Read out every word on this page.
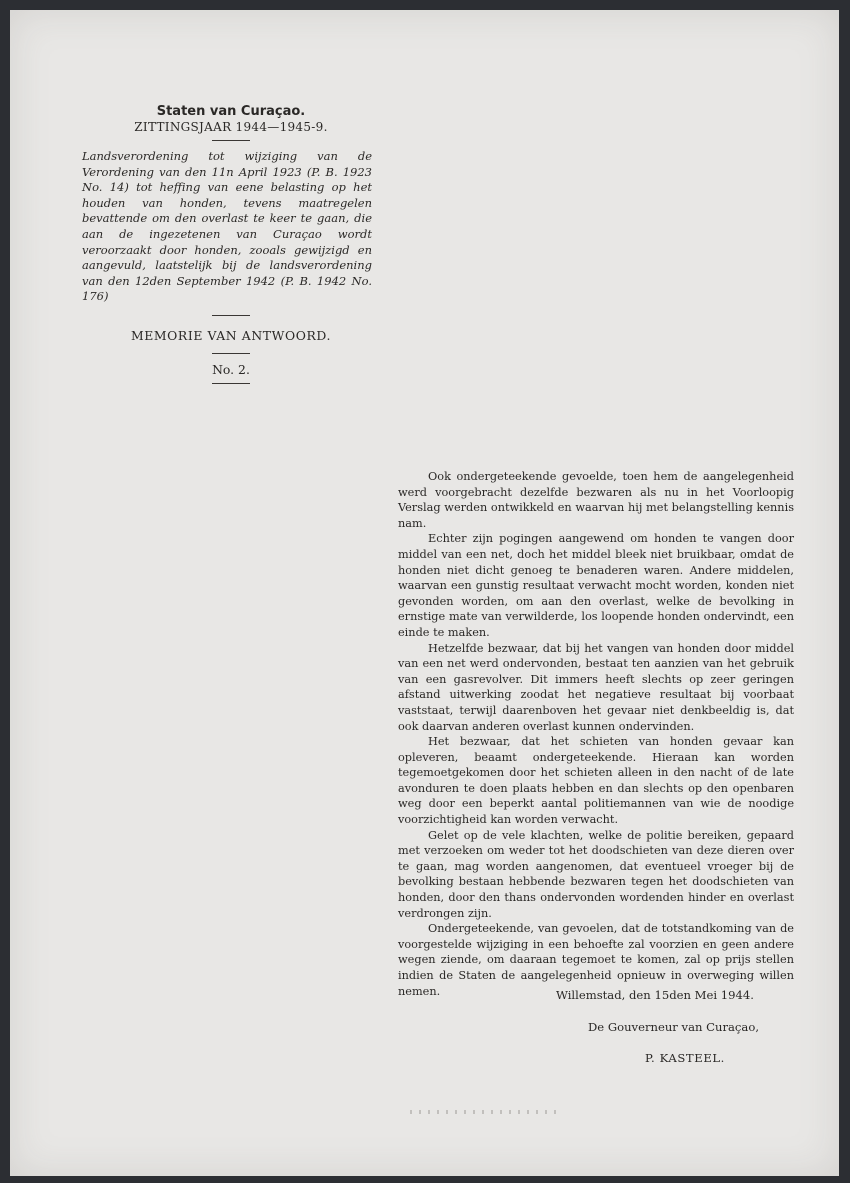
Staten van Curaçao.
ZITTINGSJAAR 1944—1945-9.
Landsverordening tot wijziging van de Verordening van den 11n April 1923 (P. B. 1923 No. 14) tot heffing van eene belasting op het houden van honden, tevens maatregelen bevattende om den overlast te keer te gaan, die aan de ingezetenen van Curaçao wordt veroorzaakt door honden, zooals gewijzigd en aangevuld, laatstelijk bij de landsverordening van den 12den September 1942 (P. B. 1942 No. 176)
MEMORIE VAN ANTWOORD.
No. 2.

Ook ondergeteekende gevoelde, toen hem de aangelegenheid werd voorgebracht dezelfde bezwaren als nu in het Voorloopig Verslag werden ontwikkeld en waarvan hij met belangstelling kennis nam.

Echter zijn pogingen aangewend om honden te vangen door middel van een net, doch het middel bleek niet bruikbaar, omdat de honden niet dicht genoeg te benaderen waren. Andere middelen, waarvan een gunstig resultaat verwacht mocht worden, konden niet gevonden worden, om aan den overlast, welke de bevolking in ernstige mate van verwilderde, los loopende honden ondervindt, een einde te maken.

Hetzelfde bezwaar, dat bij het vangen van honden door middel van een net werd ondervonden, bestaat ten aanzien van het gebruik van een gasrevolver. Dit immers heeft slechts op zeer geringen afstand uitwerking zoodat het negatieve resultaat bij voorbaat vaststaat, terwijl daarenboven het gevaar niet denkbeeldig is, dat ook daarvan anderen overlast kunnen ondervinden.

Het bezwaar, dat het schieten van honden gevaar kan opleveren, beaamt ondergeteekende. Hieraan kan worden tegemoetgekomen door het schieten alleen in den nacht of de late avonduren te doen plaats hebben en dan slechts op den openbaren weg door een beperkt aantal politiemannen van wie de noodige voorzichtigheid kan worden verwacht.

Gelet op de vele klachten, welke de politie bereiken, gepaard met verzoeken om weder tot het doodschieten van deze dieren over te gaan, mag worden aangenomen, dat eventueel vroeger bij de bevolking bestaan hebbende bezwaren tegen het doodschieten van honden, door den thans ondervonden wordenden hinder en overlast verdrongen zijn.

Ondergeteekende, van gevoelen, dat de totstandkoming van de voorgestelde wijziging in een behoefte zal voorzien en geen andere wegen ziende, om daaraan tegemoet te komen, zal op prijs stellen indien de Staten de aangelegenheid opnieuw in overweging willen nemen.	Willemstad, den 15den Mei 1944.
De Gouverneur van Curaçao,
P. KASTEEL.
